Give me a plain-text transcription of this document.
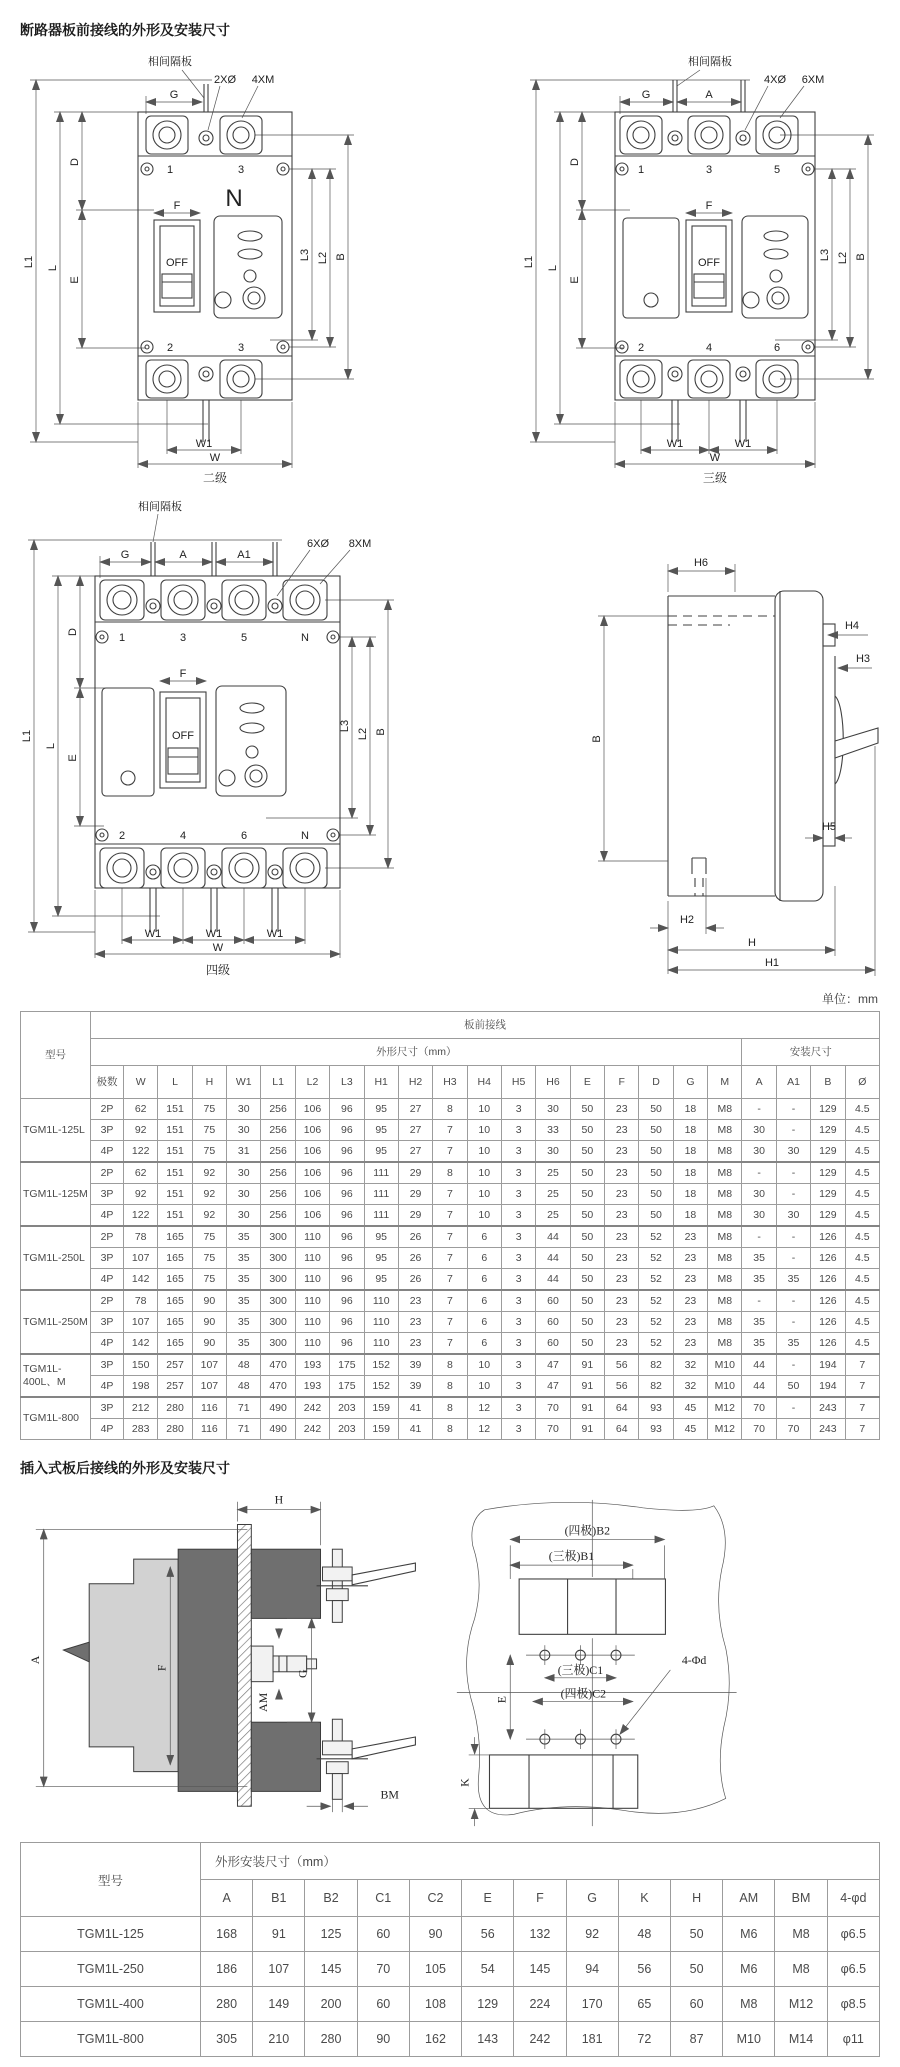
断路器板前接线的外形及安装尺寸
相间隔板
2XØ 4XM
G
1	3
N
F
OFF
L1 L
D
E
L3 L2 B
2	3
W1
W
二级
相间隔板
G	A
4XØ 6XM
1	3	5
F
OFF
L1 L
D
E
L3 L2 B
2	4	6
W1	W1
W
三级
相间隔板
G	A	A1
6XØ 8XM
1	3	5	N
F
OFF
L1
L
D
E
L3
L2 B
2	4	6	N
W1	W1	W1
W
四级
H6
H4
H3
B
H5
H2
H
H1
单位：mm
型号	板前接线																						
	外形尺寸（mm）																			安装尺寸			
	极数	W	L	H	W1	L1	L2	L3	H1	H2	H3	H4	H5	H6	E	F	D	G	M	A	A1	B	Ø
TGM1L-125L	2P	62	151	75	30	256	106	96	95	27	8	10	3	30	50	23	50	18	M8	-	-	129	4.5
	3P	92	151	75	30	256	106	96	95	27	7	10	3	33	50	23	50	18	M8	30	-	129	4.5
	4P	122	151	75	31	256	106	96	95	27	7	10	3	30	50	23	50	18	M8	30	30	129	4.5
TGM1L-125M	2P	62	151	92	30	256	106	96	111	29	8	10	3	25	50	23	50	18	M8	-	-	129	4.5
	3P	92	151	92	30	256	106	96	111	29	7	10	3	25	50	23	50	18	M8	30	-	129	4.5
	4P	122	151	92	30	256	106	96	111	29	7	10	3	25	50	23	50	18	M8	30	30	129	4.5
TGM1L-250L	2P	78	165	75	35	300	110	96	95	26	7	6	3	44	50	23	52	23	M8	-	-	126	4.5
	3P	107	165	75	35	300	110	96	95	26	7	6	3	44	50	23	52	23	M8	35	-	126	4.5
	4P	142	165	75	35	300	110	96	95	26	7	6	3	44	50	23	52	23	M8	35	35	126	4.5
TGM1L-250M	2P	78	165	90	35	300	110	96	110	23	7	6	3	60	50	23	52	23	M8	-	-	126	4.5
	3P	107	165	90	35	300	110	96	110	23	7	6	3	60	50	23	52	23	M8	35	-	126	4.5
	4P	142	165	90	35	300	110	96	110	23	7	6	3	60	50	23	52	23	M8	35	35	126	4.5
TGM1L-400L、M	3P	150	257	107	48	470	193	175	152	39	8	10	3	47	91	56	82	32	M10	44	-	194	7
	4P	198	257	107	48	470	193	175	152	39	8	10	3	47	91	56	82	32	M10	44	50	194	7
TGM1L-800	3P	212	280	116	71	490	242	203	159	41	8	12	3	70	91	64	93	45	M12	70	-	243	7
	4P	283	280	116	71	490	242	203	159	41	8	12	3	70	91	64	93	45	M12	70	70	243	7
插入式板后接线的外形及安装尺寸
H
A
F
AM
G
BM
(四极)B2
(三极)B1
(三极)C1
(四极)C2
E
K
4-Φd
型号	外形安装尺寸（mm）												
	A	B1	B2	C1	C2	E	F	G	K	H	AM	BM	4-φd
TGM1L-125	168	91	125	60	90	56	132	92	48	50	M6	M8	φ6.5
TGM1L-250	186	107	145	70	105	54	145	94	56	50	M6	M8	φ6.5
TGM1L-400	280	149	200	60	108	129	224	170	65	60	M8	M12	φ8.5
TGM1L-800	305	210	280	90	162	143	242	181	72	87	M10	M14	φ11
